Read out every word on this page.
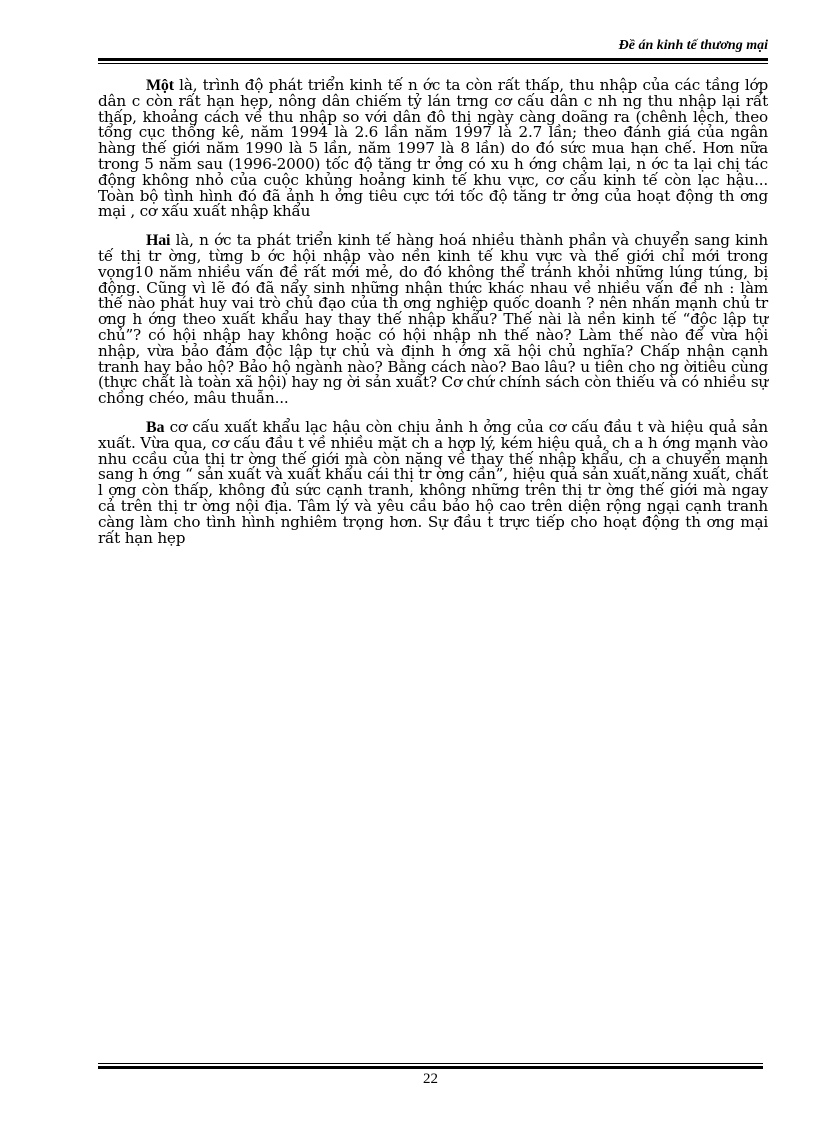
Đề án kinh tế thương mại

Một là, trình độ phát triển kinh tế n ớc ta còn rất thấp, thu nhập của các tầng lớp dân c còn rất hạn hẹp, nông dân chiếm tỷ lán trng cơ cấu dân c nh ng thu nhập lại rất thấp, khoảng cách về thu nhập so với dân đô thị ngày càng doãng ra (chênh lệch, theo tổng cục thống kê, năm 1994 là 2.6 lần năm 1997 là 2.7 lần; theo đánh giá của ngân hàng thế giới năm 1990 là 5 lần, năm 1997 là 8 lần) do đó sức mua hạn chế. Hơn nữa trong 5 năm sau (1996-2000) tốc độ tăng tr ởng có xu h ớng chậm lại, n ớc ta lại chị tác động không nhỏ của cuộc khủng hoảng kinh tế khu vực, cơ cấu kinh tế còn lạc hậu... Toàn bộ tình hình đó đã ảnh h ởng tiêu cực tới tốc độ tăng tr ởng của hoạt động th ơng mại , cơ xấu xuất nhập khẩu

Hai là, n ớc ta phát triển kinh tế hàng hoá nhiều thành phần và chuyển sang kinh tế thị tr ờng, từng b ớc hội nhập vào nền kinh tế khu vực và thế giới chỉ mới trong vọng10 năm nhiều vấn đề rất mới mẻ, do đó không thể tránh khỏi những lúng túng, bị động. Cũng vì lẽ đó đã nẩy sinh những nhận thức khác nhau về nhiều vấn đề nh : làm thế nào phát huy vai trò chủ đạo của th ơng nghiệp quốc doanh ? nên nhấn mạnh chủ tr ơng h ớng theo xuất khẩu hay thay thế nhập khẩu? Thế nài là nền kinh tế “độc lập tự chủ”? có hội nhập hay không hoặc có hội nhập nh thế nào? Làm thế nào để vừa hội nhập, vừa bảo đảm độc lập tự chủ và định h ớng xã hội chủ nghĩa? Chấp nhận cạnh tranh hay bảo hộ? Bảo hộ ngành nào? Bằng cách nào? Bao lâu? u tiên cho ng ờitiêu cùng (thực chất là toàn xã hội) hay ng ời sản xuất? Cơ chứ chính sách còn thiếu và có nhiều sự chồng chéo, mâu thuẫn...

Ba cơ cấu xuất khẩu lạc hậu còn chịu ảnh h ởng của cơ cấu đầu t và hiệu quả sản xuất. Vừa qua, cơ cấu đầu t về nhiều mặt ch a hợp lý, kém hiệu quả, ch a h ớng mạnh vào nhu ccầu của thị tr ờng thế giới mà còn nặng về thay thế nhập khẩu, ch a chuyển mạnh sang h ớng “ sản xuất và xuất khẩu cái thị tr ờng cần”, hiệu quả sản xuất,năng xuất, chất l ợng còn thấp, không đủ sức cạnh tranh, không những trên thị tr ờng thế giới mà ngay cả trên thị tr ờng nội địa. Tâm lý và yêu cầu bảo hộ cao trên diện rộng ngại cạnh tranh càng làm cho tình hình nghiêm trọng hơn. Sự đầu t trực tiếp cho hoạt động th ơng mại rất hạn hẹp

22
